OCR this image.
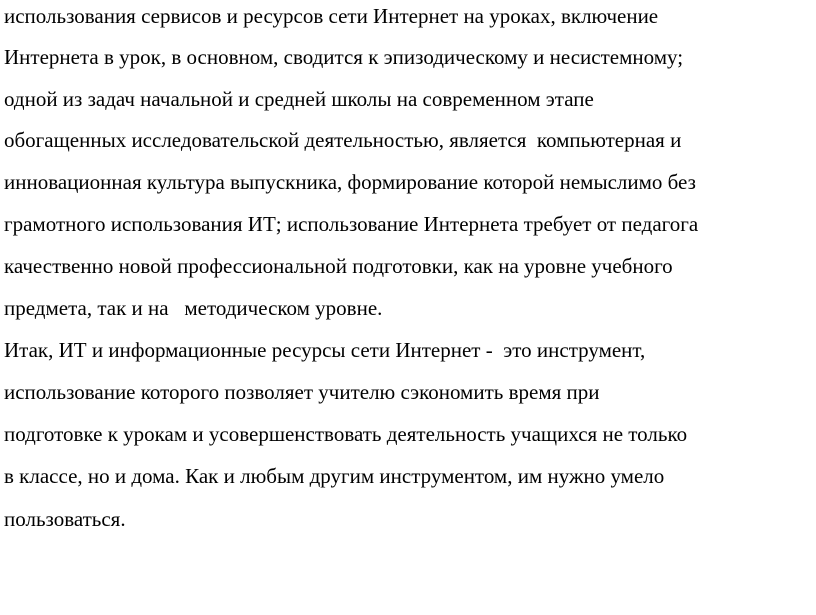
использования сервисов и ресурсов сети Интернет на уроках, включение

Интернета в урок, в основном, сводится к эпизодическому и несистемному;

одной из задач начальной и средней школы на современном этапе

обогащенных исследовательской деятельностью, является  компьютерная и

инновационная культура выпускника, формирование которой немыслимо без

грамотного использования ИТ; использование Интернета требует от педагога

качественно новой профессиональной подготовки, как на уровне учебного

предмета, так и на   методическом уровне.

Итак, ИТ и информационные ресурсы сети Интернет -  это инструмент,

использование которого позволяет учителю сэкономить время при

подготовке к урокам и усовершенствовать деятельность учащихся не только

в классе, но и дома. Как и любым другим инструментом, им нужно умело

пользоваться.
